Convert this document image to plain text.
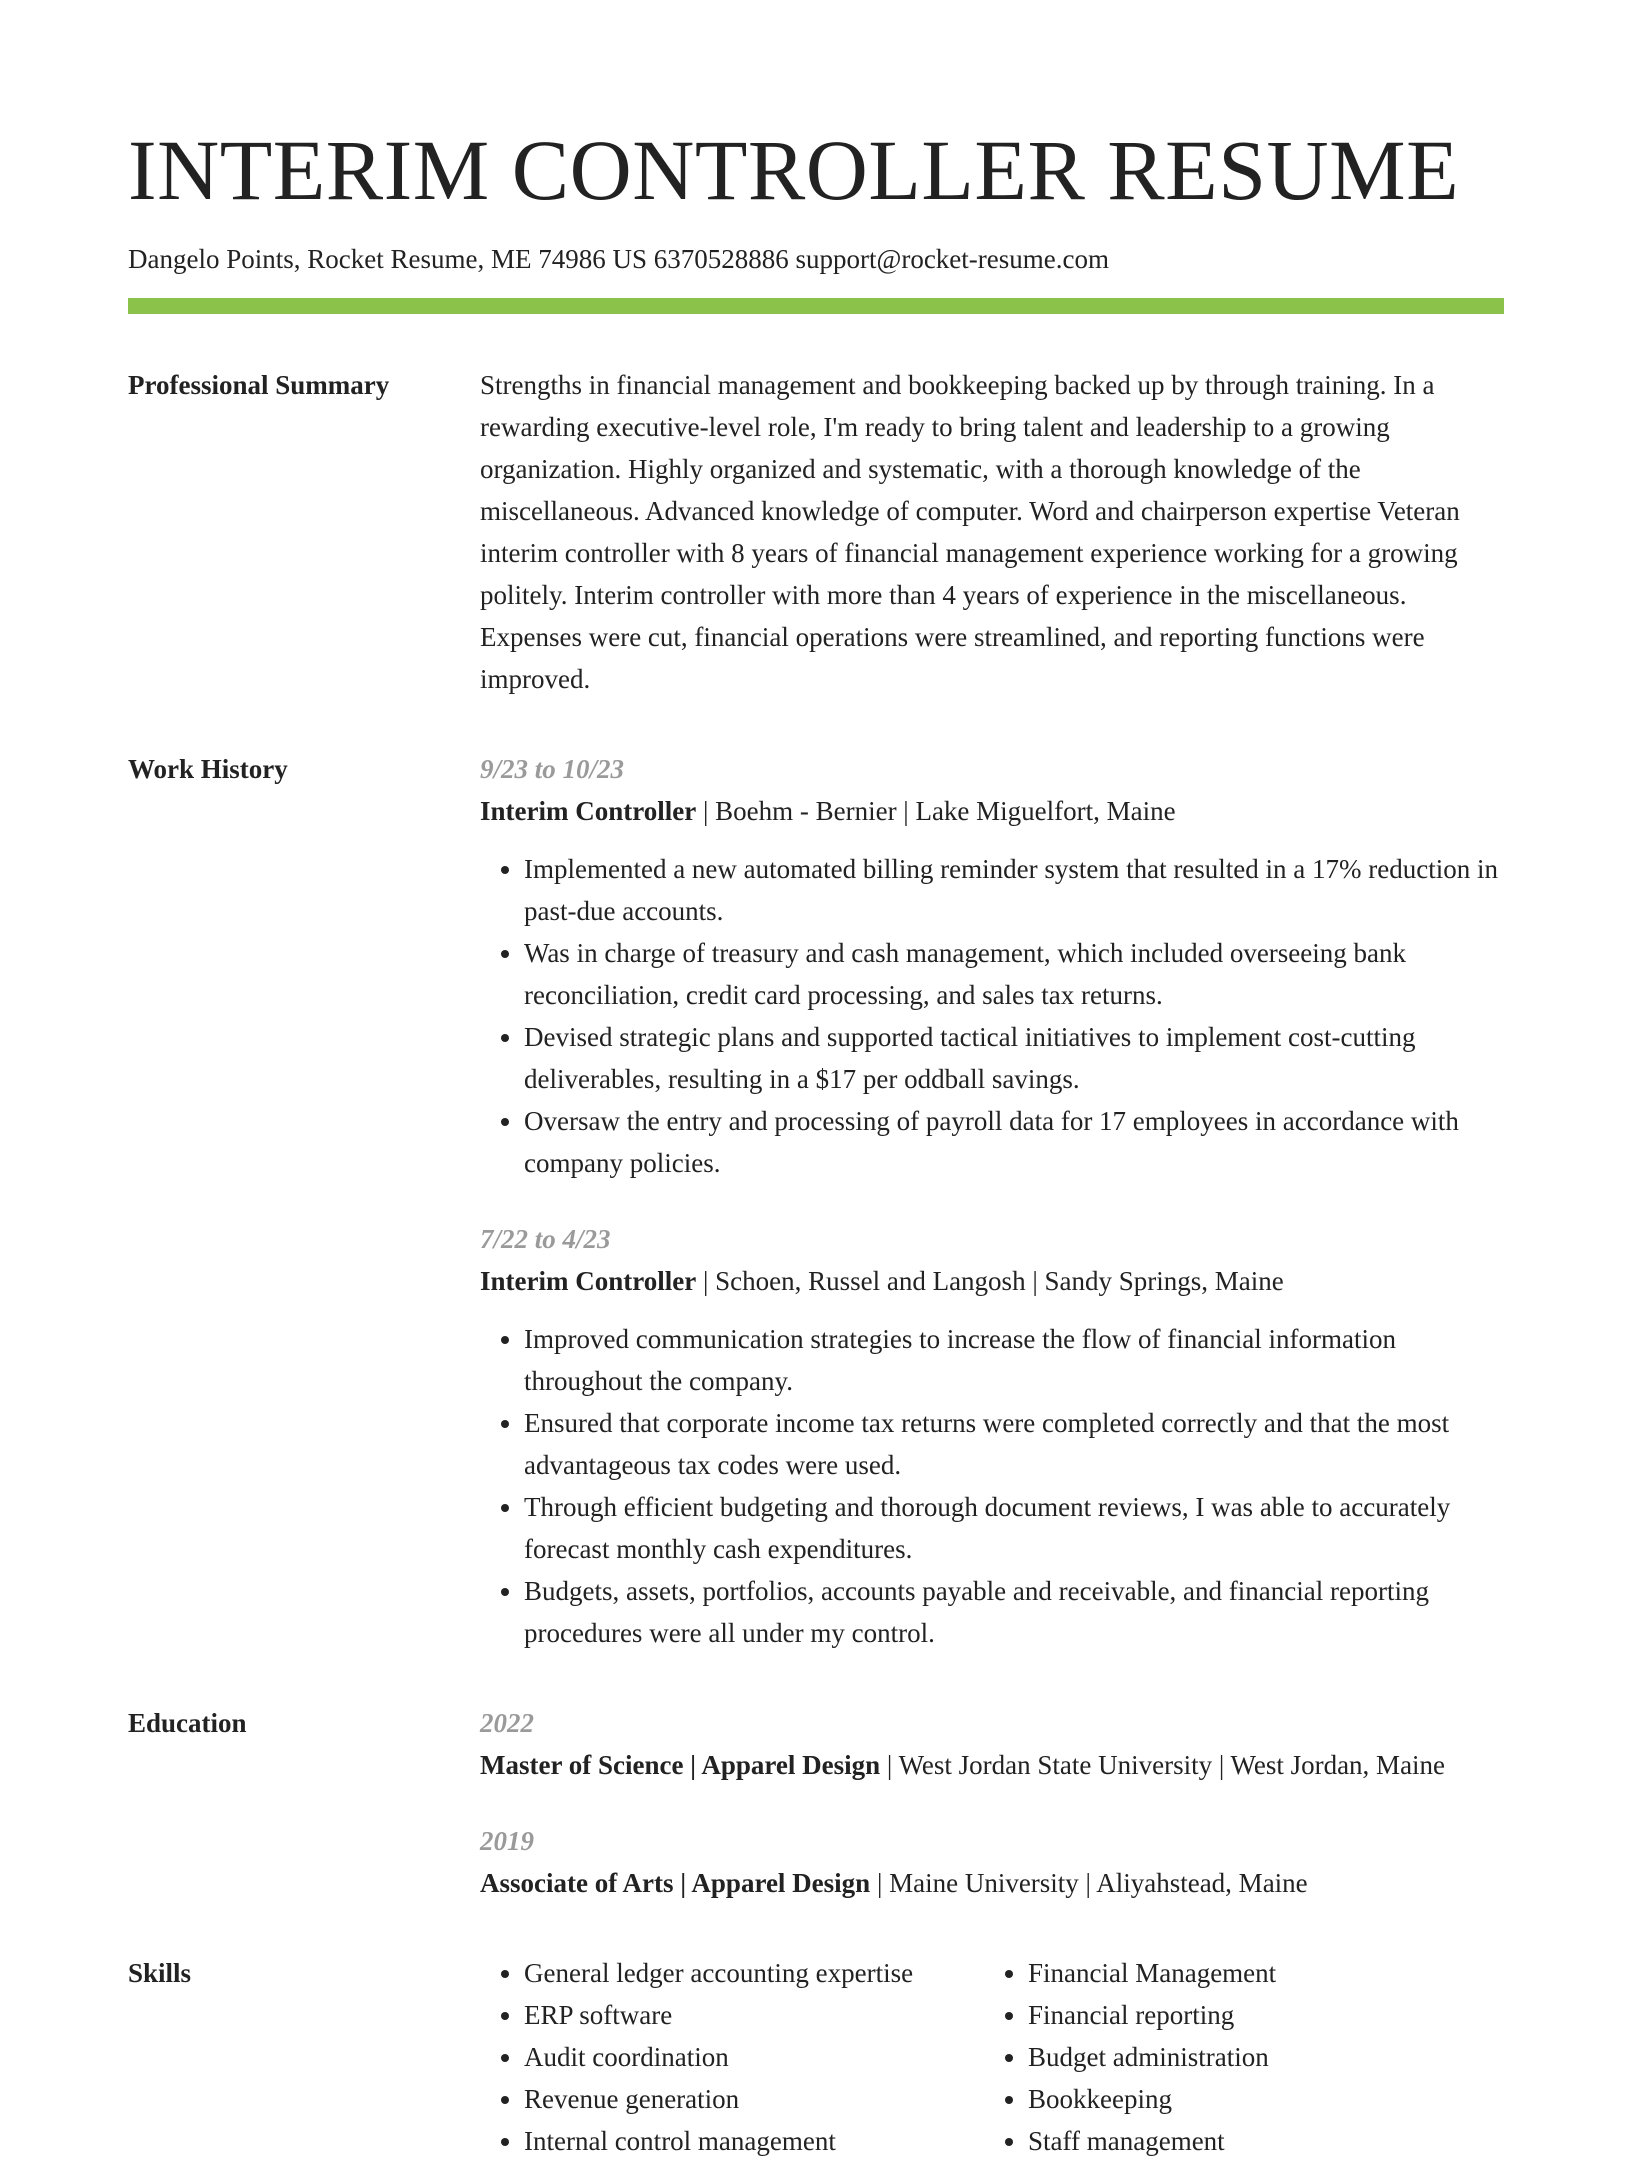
INTERIM CONTROLLER RESUME
Dangelo Points, Rocket Resume, ME 74986 US 6370528886 support@rocket-resume.com
Professional Summary	Strengths in financial management and bookkeeping backed up by through training. In a rewarding executive-level role, I'm ready to bring talent and leadership to a growing organization. Highly organized and systematic, with a thorough knowledge of the miscellaneous. Advanced knowledge of computer. Word and chairperson expertise Veteran interim controller with 8 years of financial management experience working for a growing politely. Interim controller with more than 4 years of experience in the miscellaneous. Expenses were cut, financial operations were streamlined, and reporting functions were improved.

Work History	9/23 to 10/23
Interim Controller | Boehm - Bernier | Lake Miguelfort, Maine
• Implemented a new automated billing reminder system that resulted in a 17% reduction in past-due accounts.
• Was in charge of treasury and cash management, which included overseeing bank reconciliation, credit card processing, and sales tax returns.
• Devised strategic plans and supported tactical initiatives to implement cost-cutting deliverables, resulting in a $17 per oddball savings.
• Oversaw the entry and processing of payroll data for 17 employees in accordance with company policies.
7/22 to 4/23
Interim Controller | Schoen, Russel and Langosh | Sandy Springs, Maine
• Improved communication strategies to increase the flow of financial information throughout the company.
• Ensured that corporate income tax returns were completed correctly and that the most advantageous tax codes were used.
• Through efficient budgeting and thorough document reviews, I was able to accurately forecast monthly cash expenditures.
• Budgets, assets, portfolios, accounts payable and receivable, and financial reporting procedures were all under my control.
Education	2022
Master of Science | Apparel Design | West Jordan State University | West Jordan, Maine
2019
Associate of Arts | Apparel Design | Maine University | Aliyahstead, Maine
Skills
•	General ledger accounting expertise
• ERP software
• Audit coordination
• Revenue generation
• Internal control management
• Financial Management
• Financial reporting
• Budget administration
• Bookkeeping
• Staff management
